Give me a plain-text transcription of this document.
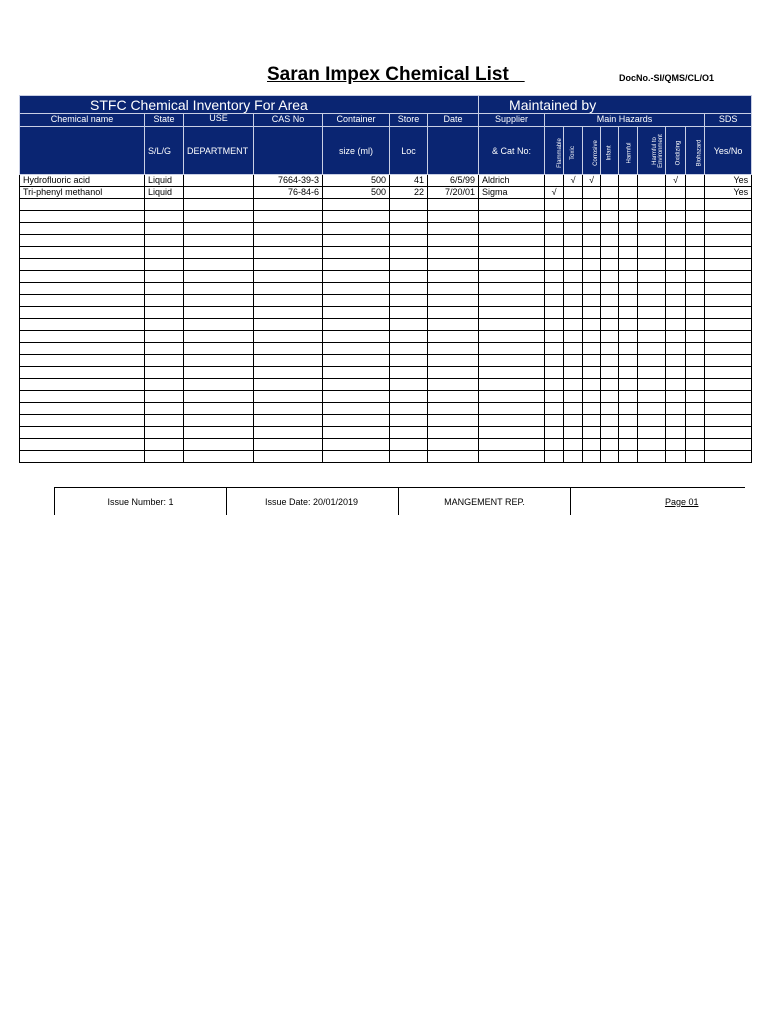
Saran Impex Chemical List	DocNo.-SI/QMS/CL/O1
STFC Chemical Inventory For Area							Maintained by									
Chemical name	State	USE	CAS No	Container	Store	Date	Supplier	Main Hazards								SDS
	S/L/G	DEPARTMENT		size (ml)	Loc		& Cat No:	Flammable	Toxic	Corrosive	Infant	Harmful	Harmful to Environment	Oxidizing	Biohazard	Yes/No
Hydrofluoric acid	Liquid		7664-39-3	500	41	6/5/99	Aldrich		√	√				√		Yes
Tri-phenyl methanol	Liquid		76-84-6	500	22	7/20/01	Sigma	√								Yes

Issue Number: 1	Issue Date: 20/01/2019	MANGEMENT REP.	Page 01
